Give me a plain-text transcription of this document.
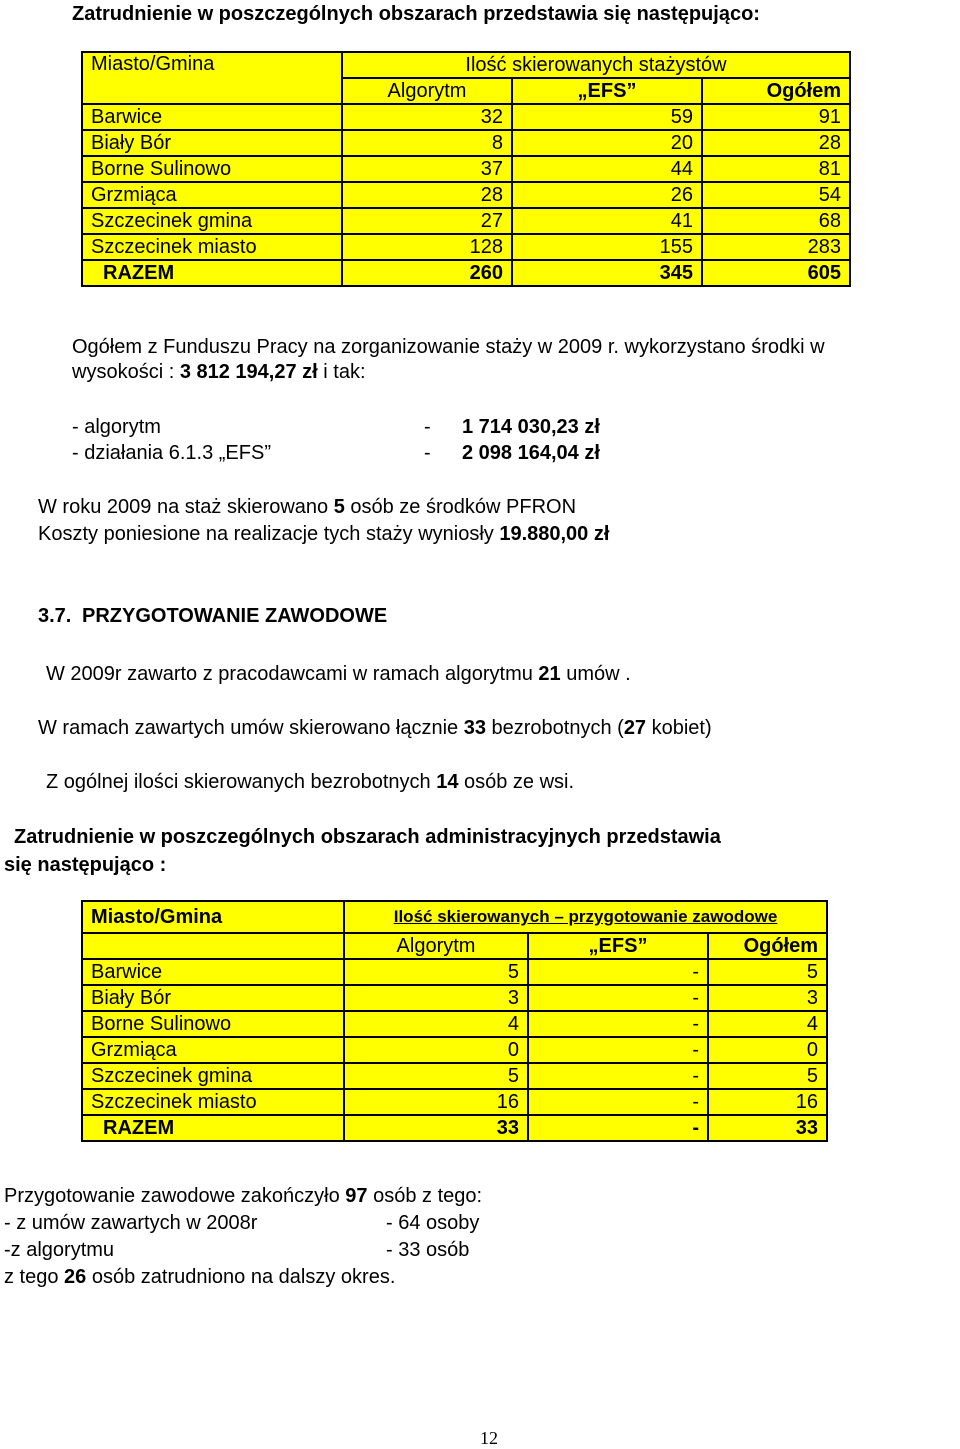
Zatrudnienie w poszczególnych obszarach przedstawia się następująco:
Miasto/Gmina	Ilość skierowanych stażystów		
	Algorytm	„EFS”	Ogółem
Barwice	32	59	91
Biały Bór	8	20	28
Borne Sulinowo	37	44	81
Grzmiąca	28	26	54
Szczecinek gmina	27	41	68
Szczecinek miasto	128	155	283
RAZEM	260	345	605
Ogółem z Funduszu Pracy na zorganizowanie staży w 2009 r. wykorzystano środki w
wysokości : 3 812 194,27 zł i tak:
- algorytm	- 1 714 030,23 zł
- działania 6.1.3 „EFS”	- 2 098 164,04 zł
W roku 2009 na staż skierowano 5 osób ze środków PFRON
Koszty poniesione na realizacje tych staży wyniosły 19.880,00 zł
3.7. PRZYGOTOWANIE ZAWODOWE
W 2009r zawarto z pracodawcami w ramach algorytmu 21 umów .
W ramach zawartych umów skierowano łącznie 33 bezrobotnych (27 kobiet)
Z ogólnej ilości skierowanych bezrobotnych 14 osób ze wsi.
Zatrudnienie w poszczególnych obszarach administracyjnych przedstawia
się następująco :
Miasto/Gmina	Ilość skierowanych – przygotowanie zawodowe		
	Algorytm	„EFS”	Ogółem
Barwice	5	-	5
Biały Bór	3	-	3
Borne Sulinowo	4	-	4
Grzmiąca	0	-	0
Szczecinek gmina	5	-	5
Szczecinek miasto	16	-	16
RAZEM	33	-	33
Przygotowanie zawodowe zakończyło 97 osób z tego:
- z umów zawartych w 2008r	- 64 osoby
-z algorytmu	- 33 osób
z tego 26 osób zatrudniono na dalszy okres.
12
